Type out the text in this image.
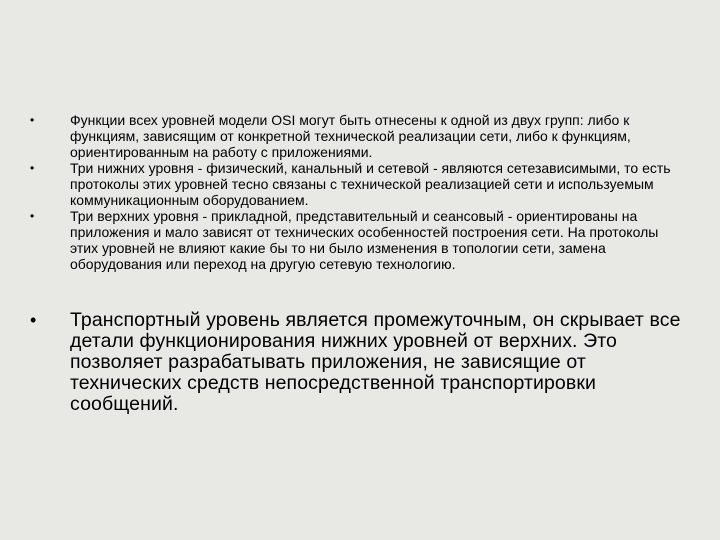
•	Функции всех уровней модели OSI могут быть отнесены к одной из двух групп: либо к функциям, зависящим от конкретной технической реализации сети, либо к функциям, ориентированным на работу с приложениями.
•	Три нижних уровня - физический, канальный и сетевой - являются сетезависимыми, то есть протоколы этих уровней тесно связаны с технической реализацией сети и используемым коммуникационным оборудованием.
•	Три верхних уровня - прикладной, представительный и сеансовый - ориентированы на приложения и мало зависят от технических особенностей построения сети. На протоколы этих уровней не влияют какие бы то ни было изменения в топологии сети, замена оборудования или переход на другую сетевую технологию.
•	Транспортный уровень является промежуточным, он скрывает все детали функционирования нижних уровней от верхних. Это позволяет разрабатывать приложения, не зависящие от технических средств непосредственной транспортировки сообщений.
